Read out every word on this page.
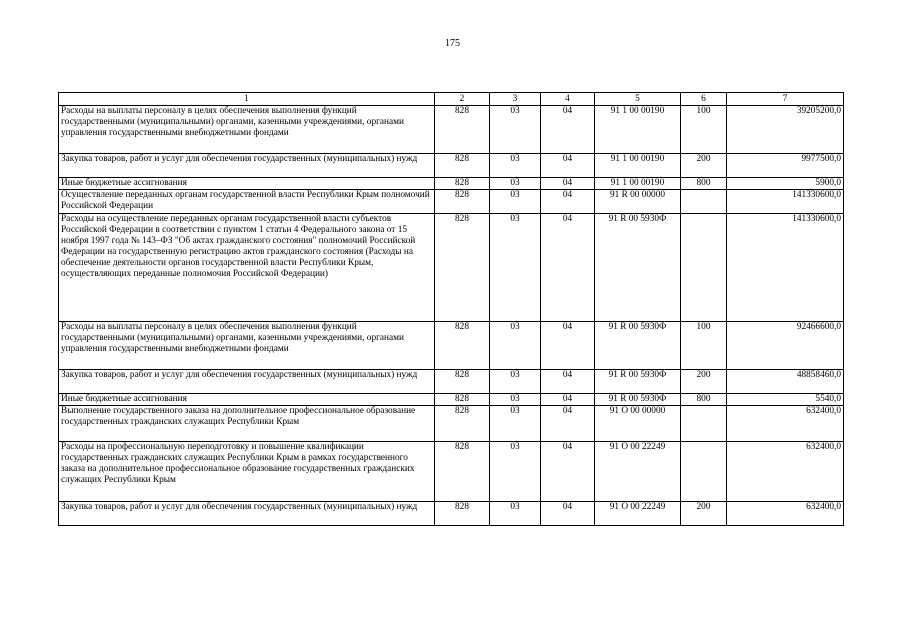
175
1	2	3	4	5	6	7
Расходы на выплаты персоналу в целях обеспечения выполнения функций государственными (муниципальными) органами, казенными учреждениями, органами управления государственными внебюджетными фондами	828	03	04	91 1 00 00190	100	39205200,0
Закупка товаров, работ и услуг для обеспечения государственных (муниципальных) нужд	828	03	04	91 1 00 00190	200	9977500,0
Иные бюджетные ассигнования	828	03	04	91 1 00 00190	800	5900,0
Осуществление переданных органам государственной власти Республики Крым полномочий Российской Федерации	828	03	04	91 R 00 00000		141330600,0
Расходы на осуществление переданных органам государственной власти субъектов Российской Федерации в соответствии с пунктом 1 статьи 4 Федерального закона от 15 ноября 1997 года № 143–ФЗ "Об актах гражданского состояния" полномочий Российской Федерации на государственную регистрацию актов гражданского состояния (Расходы на обеспечение деятельности органов государственной власти Республики Крым, осуществляющих переданные полномочия Российской Федерации)	828	03	04	91 R 00 5930Ф		141330600,0
Расходы на выплаты персоналу в целях обеспечения выполнения функций государственными (муниципальными) органами, казенными учреждениями, органами управления государственными внебюджетными фондами	828	03	04	91 R 00 5930Ф	100	92466600,0
Закупка товаров, работ и услуг для обеспечения государственных (муниципальных) нужд	828	03	04	91 R 00 5930Ф	200	48858460,0
Иные бюджетные ассигнования	828	03	04	91 R 00 5930Ф	800	5540,0
Выполнение государственного заказа на дополнительное профессиональное образование государственных гражданских служащих Республики Крым	828	03	04	91 О 00 00000		632400,0
Расходы на профессиональную переподготовку и повышение квалификации государственных гражданских служащих Республики Крым в рамках государственного заказа на дополнительное профессиональное образование государственных гражданских служащих Республики Крым	828	03	04	91 О 00 22249		632400,0
Закупка товаров, работ и услуг для обеспечения государственных (муниципальных) нужд	828	03	04	91 О 00 22249	200	632400,0
